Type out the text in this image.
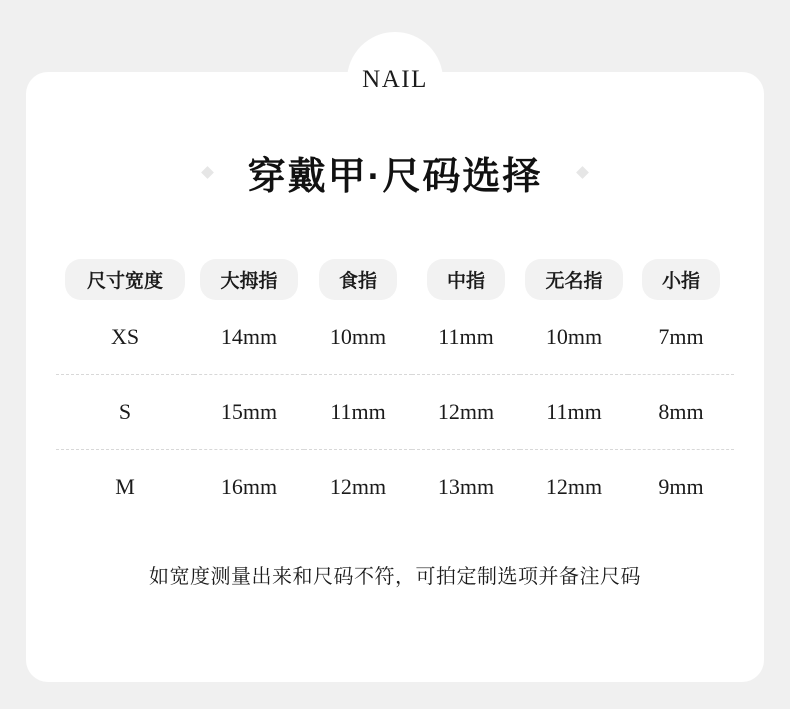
NAIL
穿戴甲·尺码选择
尺寸宽度	大拇指	食指	中指	无名指	小指
XS	14mm	10mm	11mm	10mm	7mm
S	15mm	11mm	12mm	11mm	8mm
M	16mm	12mm	13mm	12mm	9mm
如宽度测量出来和尺码不符，可拍定制选项并备注尺码
